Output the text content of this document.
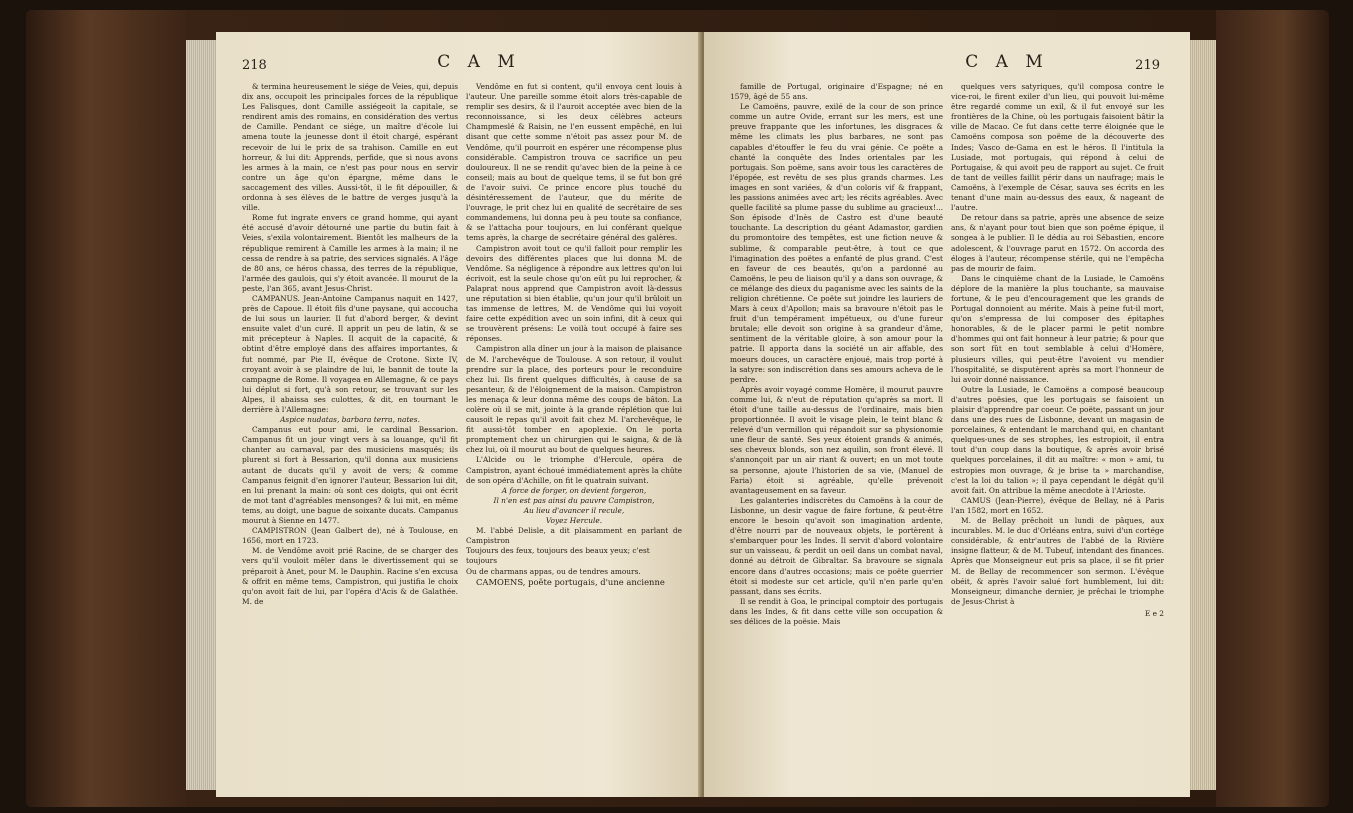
218	C A M

& termina heureusement le siége de Veies, qui, depuis dix ans, occupoit les principales forces de la république Les Falisques, dont Camille assiégeoit la capitale, se rendirent amis des romains, en considération des vertus de Camille. Pendant ce siége, un maître d'école lui amena toute la jeunesse dont il étoit chargé, espérant recevoir de lui le prix de sa trahison. Camille en eut horreur, & lui dit: Apprends, perfide, que si nous avons les armes à la main, ce n'est pas pour nous en servir contre un âge qu'on épargne, même dans le saccagement des villes. Aussi-tôt, il le fit dépouiller, & ordonna à ses élèves de le battre de verges jusqu'à la ville.

Rome fut ingrate envers ce grand homme, qui ayant été accusé d'avoir détourné une partie du butin fait à Veies, s'exila volontairement. Bientôt les malheurs de la république remirent à Camille les armes à la main; il ne cessa de rendre à sa patrie, des services signalés. A l'âge de 80 ans, ce héros chassa, des terres de la république, l'armée des gaulois, qui s'y étoit avancée. Il mourut de la peste, l'an 365, avant Jesus-Christ.

CAMPANUS. Jean-Antoine Campanus naquit en 1427, près de Capoue. Il étoit fils d'une paysane, qui accoucha de lui sous un laurier. Il fut d'abord berger, & devint ensuite valet d'un curé. Il apprit un peu de latin, & se mit précepteur à Naples. Il acquit de la capacité, & obtint d'être employé dans des affaires importantes, & fut nommé, par Pie II, évêque de Crotone. Sixte IV, croyant avoir à se plaindre de lui, le bannit de toute la campagne de Rome. Il voyagea en Allemagne, & ce pays lui déplut si fort, qu'à son retour, se trouvant sur les Alpes, il abaissa ses culottes, & dit, en tournant le derrière à l'Allemagne:

Aspice nudatas, barbara terra, nates.

Campanus eut pour ami, le cardinal Bessarion. Campanus fit un jour vingt vers à sa louange, qu'il fit chanter au carnaval, par des musiciens masqués; ils plurent si fort à Bessarion, qu'il donna aux musiciens autant de ducats qu'il y avoit de vers; & comme Campanus feignit d'en ignorer l'auteur, Bessarion lui dit, en lui prenant la main: où sont ces doigts, qui ont écrit de mot tant d'agréables mensonges? & lui mit, en même tems, au doigt, une bague de soixante ducats. Campanus mourut à Sienne en 1477.

CAMPISTRON (Jean Galbert de), né à Toulouse, en 1656, mort en 1723.

M. de Vendôme avoit prié Racine, de se charger des vers qu'il vouloit mêler dans le divertissement qui se préparoit à Anet, pour M. le Dauphin. Racine s'en excusa & offrit en même tems, Campistron, qui justifia le choix qu'on avoit fait de lui, par l'opéra d'Acis & de Galathée. M. de

Vendôme en fut si content, qu'il envoya cent louis à l'auteur. Une pareille somme étoit alors très-capable de remplir ses desirs, & il l'auroit acceptée avec bien de la reconnoissance, si les deux célèbres acteurs Champmeslé & Raisin, ne l'en eussent empêché, en lui disant que cette somme n'étoit pas assez pour M. de Vendôme, qu'il pourroit en espérer une récompense plus considérable. Campistron trouva ce sacrifice un peu douloureux. Il ne se rendit qu'avec bien de la peine à ce conseil; mais au bout de quelque tems, il se fut bon gré de l'avoir suivi. Ce prince encore plus touché du désintéressement de l'auteur, que du mérite de l'ouvrage, le prit chez lui en qualité de secrétaire de ses commandemens, lui donna peu à peu toute sa confiance, & se l'attacha pour toujours, en lui conférant quelque tems après, la charge de secrétaire général des galères.

Campistron avoit tout ce qu'il falloit pour remplir les devoirs des différentes places que lui donna M. de Vendôme. Sa négligence à répondre aux lettres qu'on lui écrivoit, est la seule chose qu'on eût pu lui reprocher, & Palaprat nous apprend que Campistron avoit là-dessus une réputation si bien établie, qu'un jour qu'il brûloit un tas immense de lettres, M. de Vendôme qui lui voyoit faire cette expédition avec un soin infini, dit à ceux qui se trouvèrent présens: Le voilà tout occupé à faire ses réponses.

Campistron alla dîner un jour à la maison de plaisance de M. l'archevêque de Toulouse. A son retour, il voulut prendre sur la place, des porteurs pour le reconduire chez lui. Ils firent quelques difficultés, à cause de sa pesanteur, & de l'éloignement de la maison. Campistron les menaça & leur donna même des coups de bâton. La colère où il se mit, jointe à la grande réplétion que lui causoit le repas qu'il avoit fait chez M. l'archevêque, le fit aussi-tôt tomber en apoplexie. On le porta promptement chez un chirurgien qui le saigna, & de là chez lui, où il mourut au bout de quelques heures.

L'Alcide ou le triomphe d'Hercule, opéra de Campistron, ayant échoué immédiatement après la chûte de son opéra d'Achille, on fit le quatrain suivant.

A force de forger, on devient forgeron,

Il n'en est pas ainsi du pauvre Campistron,

Au lieu d'avancer il recule,

Voyez Hercule.

M. l'abbé Delisle, a dit plaisamment en parlant de Campistron

Toujours des feux, toujours des beaux yeux; c'est toujours

Ou de charmans appas, ou de tendres amours.

CAMOENS, poëte portugais, d'une ancienne

C A M	219

famille de Portugal, originaire d'Espagne; né en 1579, âgé de 55 ans.

Le Camoëns, pauvre, exilé de la cour de son prince comme un autre Ovide, errant sur les mers, est une preuve frappante que les infortunes, les disgraces & même les climats les plus barbares, ne sont pas capables d'étouffer le feu du vrai génie. Ce poëte a chanté la conquête des Indes orientales par les portugais. Son poëme, sans avoir tous les caractères de l'épopée, est revêtu de ses plus grands charmes. Les images en sont variées, & d'un coloris vif & frappant, les passions animées avec art; les récits agréables. Avec quelle facilité sa plume passe du sublime au gracieux!... Son épisode d'Inès de Castro est d'une beauté touchante. La description du géant Adamastor, gardien du promontoire des tempêtes, est une fiction neuve & sublime, & comparable peut-être, à tout ce que l'imagination des poëtes a enfanté de plus grand. C'est en faveur de ces beautés, qu'on a pardonné au Camoëns, le peu de liaison qu'il y a dans son ouvrage, & ce mélange des dieux du paganisme avec les saints de la religion chrétienne. Ce poëte sut joindre les lauriers de Mars à ceux d'Apollon; mais sa bravoure n'étoit pas le fruit d'un tempérament impétueux, ou d'une fureur brutale; elle devoit son origine à sa grandeur d'âme, sentiment de la véritable gloire, à son amour pour la patrie. Il apporta dans la société un air affable, des moeurs douces, un caractère enjoué, mais trop porté à la satyre: son indiscrétion dans ses amours acheva de le perdre.

Après avoir voyagé comme Homère, il mourut pauvre comme lui, & n'eut de réputation qu'après sa mort. Il étoit d'une taille au-dessus de l'ordinaire, mais bien proportionnée. Il avoit le visage plein, le teint blanc & relevé d'un vermillon qui répandoit sur sa physionomie une fleur de santé. Ses yeux étoient grands & animés, ses cheveux blonds, son nez aquilin, son front élevé. Il s'annonçoit par un air riant & ouvert; en un mot toute sa personne, ajoute l'historien de sa vie, (Manuel de Faria) étoit si agréable, qu'elle prévenoit avantageusement en sa faveur.

Les galanteries indiscrètes du Camoëns à la cour de Lisbonne, un desir vague de faire fortune, & peut-être encore le besoin qu'avoit son imagination ardente, d'être nourri par de nouveaux objets, le portèrent à s'embarquer pour les Indes. Il servit d'abord volontaire sur un vaisseau, & perdit un oeil dans un combat naval, donné au détroit de Gibraltar. Sa bravoure se signala encore dans d'autres occasions; mais ce poëte guerrier étoit si modeste sur cet article, qu'il n'en parle qu'en passant, dans ses écrits.

Il se rendit à Goa, le principal comptoir des portugais dans les Indes, & fit dans cette ville son occupation & ses délices de la poësie. Mais

quelques vers satyriques, qu'il composa contre le vice-roi, le firent exiler d'un lieu, qui pouvoit lui-même être regardé comme un exil, & il fut envoyé sur les frontières de la Chine, où les portugais faisoient bâtir la ville de Macao. Ce fut dans cette terre éloignée que le Camoëns composa son poëme de la découverte des Indes; Vasco de-Gama en est le héros. Il l'intitula la Lusiade, mot portugais, qui répond à celui de Portugaise, & qui avoit peu de rapport au sujet. Ce fruit de tant de veilles faillit périr dans un naufrage; mais le Camoëns, à l'exemple de César, sauva ses écrits en les tenant d'une main au-dessus des eaux, & nageant de l'autre.

De retour dans sa patrie, après une absence de seize ans, & n'ayant pour tout bien que son poëme épique, il songea à le publier. Il le dédia au roi Sébastien, encore adolescent, & l'ouvrage parut en 1572. On accorda des éloges à l'auteur, récompense stérile, qui ne l'empêcha pas de mourir de faim.

Dans le cinquième chant de la Lusiade, le Camoëns déplore de la manière la plus touchante, sa mauvaise fortune, & le peu d'encouragement que les grands de Portugal donnoient au mérite. Mais à peine fut-il mort, qu'on s'empressa de lui composer des épitaphes honorables, & de le placer parmi le petit nombre d'hommes qui ont fait honneur à leur patrie; & pour que son sort fût en tout semblable à celui d'Homère, plusieurs villes, qui peut-être l'avoient vu mendier l'hospitalité, se disputèrent après sa mort l'honneur de lui avoir donné naissance.

Outre la Lusiade, le Camoëns a composé beaucoup d'autres poësies, que les portugais se faisoient un plaisir d'apprendre par coeur. Ce poëte, passant un jour dans une des rues de Lisbonne, devant un magasin de porcelaines, & entendant le marchand qui, en chantant quelques-unes de ses strophes, les estropioit, il entra tout d'un coup dans la boutique, & après avoir brisé quelques porcelaines, il dit au maître: « mon » ami, tu estropies mon ouvrage, & je brise ta » marchandise, c'est la loi du talion »; il paya cependant le dégât qu'il avoit fait. On attribue la même anecdote à l'Arioste.

CAMUS (Jean-Pierre), évêque de Bellay, né à Paris l'an 1582, mort en 1652.

M. de Bellay prêchoit un lundi de pâques, aux incurables. M. le duc d'Orléans entra, suivi d'un cortége considérable, & entr'autres de l'abbé de la Rivière insigne flatteur, & de M. Tubeuf, intendant des finances. Après que Monseigneur eut pris sa place, il se fit prier M. de Bellay de recommencer son sermon. L'évêque obéit, & après l'avoir salué fort humblement, lui dit: Monseigneur, dimanche dernier, je prêchai le triomphe de Jesus-Christ à

E e 2
